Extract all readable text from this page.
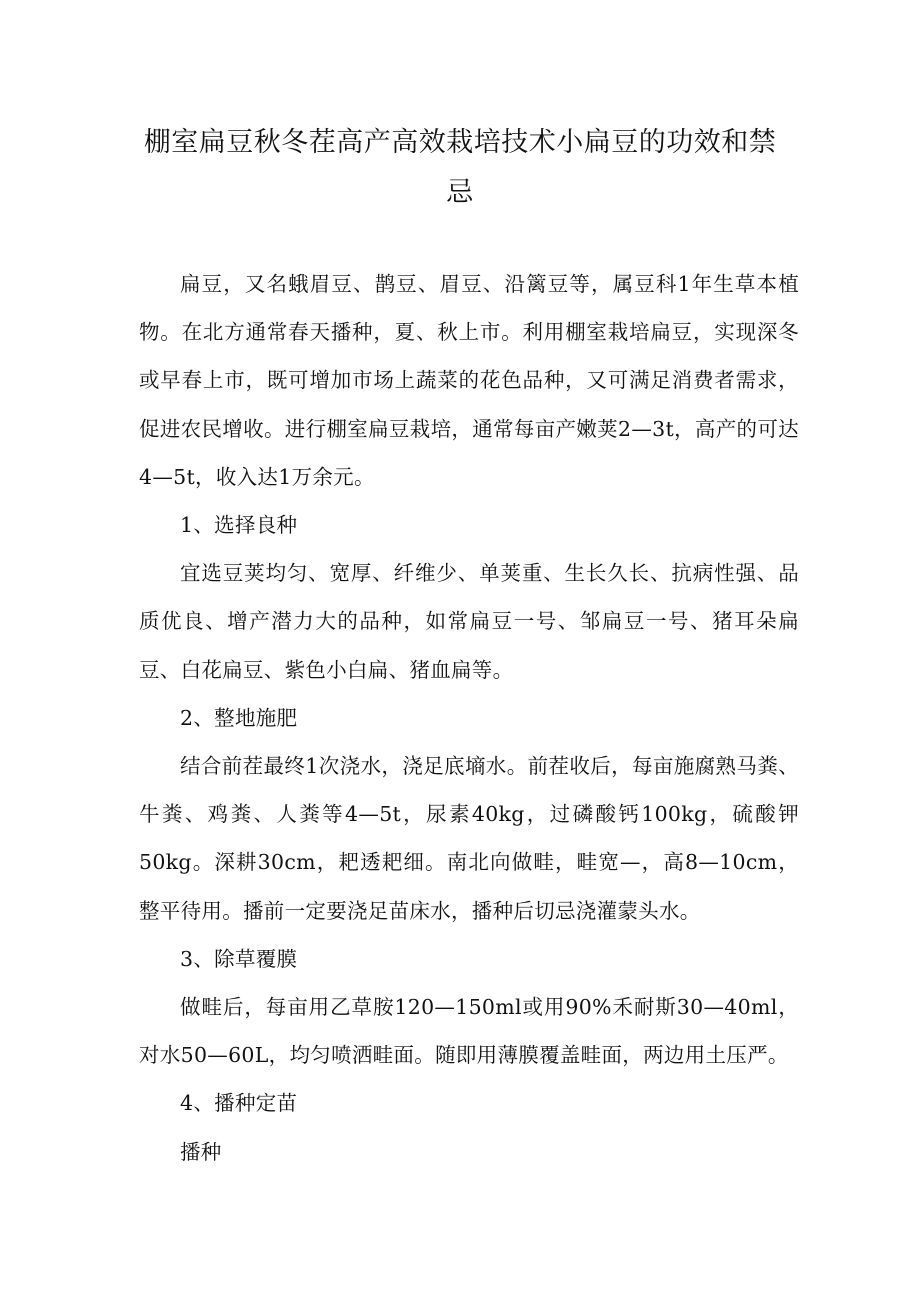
棚室扁豆秋冬茬高产高效栽培技术小扁豆的功效和禁忌

扁豆，又名蛾眉豆、鹊豆、眉豆、沿篱豆等，属豆科1年生草本植物。在北方通常春天播种，夏、秋上市。利用棚室栽培扁豆，实现深冬或早春上市，既可增加市场上蔬菜的花色品种，又可满足消费者需求，促进农民增收。进行棚室扁豆栽培，通常每亩产嫩荚2—3t，高产的可达4—5t，收入达1万余元。

1、选择良种

宜选豆荚均匀、宽厚、纤维少、单荚重、生长久长、抗病性强、品质优良、增产潜力大的品种，如常扁豆一号、邹扁豆一号、猪耳朵扁豆、白花扁豆、紫色小白扁、猪血扁等。

2、整地施肥

结合前茬最终1次浇水，浇足底墒水。前茬收后，每亩施腐熟马粪、牛粪、鸡粪、人粪等4—5t，尿素40kg，过磷酸钙100kg，硫酸钾50kg。深耕30cm，耙透耙细。南北向做畦，畦宽—，高8—10cm，整平待用。播前一定要浇足苗床水，播种后切忌浇灌蒙头水。

3、除草覆膜

做畦后，每亩用乙草胺120—150ml或用90%禾耐斯30—40ml，对水50—60L，均匀喷洒畦面。随即用薄膜覆盖畦面，两边用土压严。

4、播种定苗

播种
